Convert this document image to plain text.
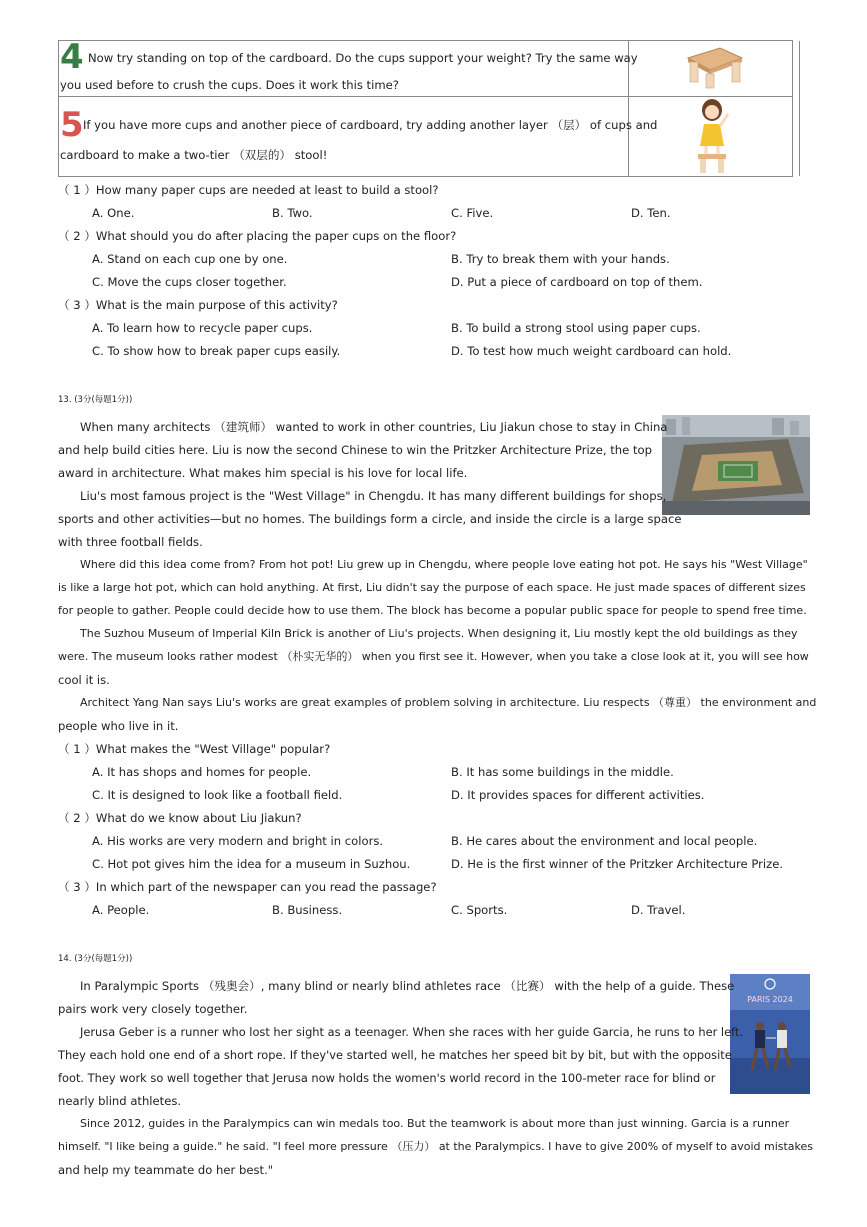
4 Now try standing on top of the cardboard. Do the cups support your weight? Try the same way
you used before to crush the cups. Does it work this time?
5 If you have more cups and another piece of cardboard, try adding another layer （层） of cups and
cardboard to make a two-tier （双层的） stool!
（ 1 ）How many paper cups are needed at least to build a stool?
A. One.	B. Two.	C. Five.	D. Ten.
（ 2 ）What should you do after placing the paper cups on the floor?
A. Stand on each cup one by one.	B. Try to break them with your hands.
C. Move the cups closer together.	D. Put a piece of cardboard on top of them.
（ 3 ）What is the main purpose of this activity?
A. To learn how to recycle paper cups.	B. To build a strong stool using paper cups.
C. To show how to break paper cups easily.	D. To test how much weight cardboard can hold.
13. (3分(每题1分))
When many architects （建筑师） wanted to work in other countries, Liu Jiakun chose to stay in China
and help build cities here. Liu is now the second Chinese to win the Pritzker Architecture Prize, the top
award in architecture. What makes him special is his love for local life.
Liu's most famous project is the "West Village" in Chengdu. It has many different buildings for shops,
sports and other activities—but no homes. The buildings form a circle, and inside the circle is a large space
with three football fields.
Where did this idea come from? From hot pot! Liu grew up in Chengdu, where people love eating hot pot. He says his "West Village"
is like a large hot pot, which can hold anything. At first, Liu didn't say the purpose of each space. He just made spaces of different sizes
for people to gather. People could decide how to use them. The block has become a popular public space for people to spend free time.
The Suzhou Museum of Imperial Kiln Brick is another of Liu's projects. When designing it, Liu mostly kept the old buildings as they
were. The museum looks rather modest （朴实无华的） when you first see it. However, when you take a close look at it, you will see how
cool it is.
Architect Yang Nan says Liu's works are great examples of problem solving in architecture. Liu respects （尊重） the environment and
people who live in it.
（ 1 ）What makes the "West Village" popular?
A. It has shops and homes for people.	B. It has some buildings in the middle.
C. It is designed to look like a football field.	D. It provides spaces for different activities.
（ 2 ）What do we know about Liu Jiakun?
A. His works are very modern and bright in colors.	B. He cares about the environment and local people.
C. Hot pot gives him the idea for a museum in Suzhou.	D. He is the first winner of the Pritzker Architecture Prize.
（ 3 ）In which part of the newspaper can you read the passage?
A. People.	B. Business.	C. Sports.	D. Travel.
14. (3分(每题1分))
PARIS 2024
In Paralympic Sports （残奥会）, many blind or nearly blind athletes race （比赛） with the help of a guide. These
pairs work very closely together.
Jerusa Geber is a runner who lost her sight as a teenager. When she races with her guide Garcia, he runs to her left.
They each hold one end of a short rope. If they've started well, he matches her speed bit by bit, but with the opposite
foot. They work so well together that Jerusa now holds the women's world record in the 100-meter race for blind or
nearly blind athletes.
Since 2012, guides in the Paralympics can win medals too. But the teamwork is about more than just winning. Garcia is a runner
himself. "I like being a guide." he said. "I feel more pressure （压力） at the Paralympics. I have to give 200% of myself to avoid mistakes
and help my teammate do her best."
